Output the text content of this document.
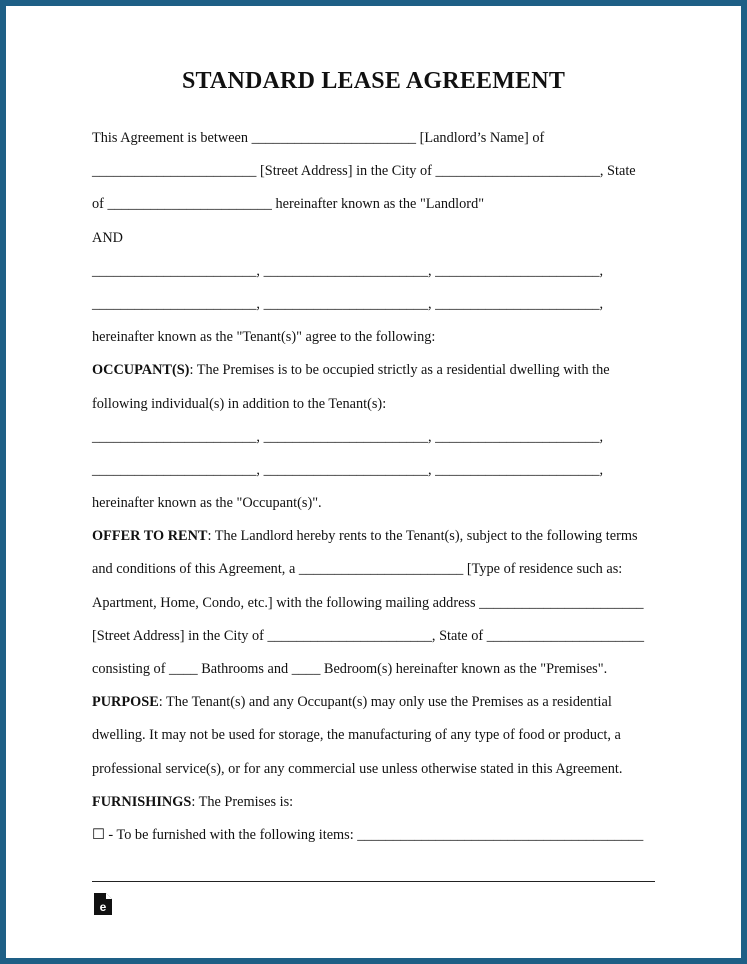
STANDARD LEASE AGREEMENT
This Agreement is between _______________________ [Landlord’s Name] of
_______________________ [Street Address] in the City of _______________________, State
of _______________________ hereinafter known as the "Landlord"
AND
_______________________, _______________________, _______________________,
_______________________, _______________________, _______________________,
hereinafter known as the "Tenant(s)" agree to the following:
OCCUPANT(S): The Premises is to be occupied strictly as a residential dwelling with the
following individual(s) in addition to the Tenant(s):
_______________________, _______________________, _______________________,
_______________________, _______________________, _______________________,
hereinafter known as the "Occupant(s)".
OFFER TO RENT: The Landlord hereby rents to the Tenant(s), subject to the following terms
and conditions of this Agreement, a _______________________ [Type of residence such as:
Apartment, Home, Condo, etc.] with the following mailing address _______________________
[Street Address] in the City of _______________________, State of ______________________
consisting of ____ Bathrooms and ____ Bedroom(s) hereinafter known as the "Premises".
PURPOSE: The Tenant(s) and any Occupant(s) may only use the Premises as a residential
dwelling. It may not be used for storage, the manufacturing of any type of food or product, a
professional service(s), or for any commercial use unless otherwise stated in this Agreement.
FURNISHINGS: The Premises is:
☐ - To be furnished with the following items: ________________________________________
e
